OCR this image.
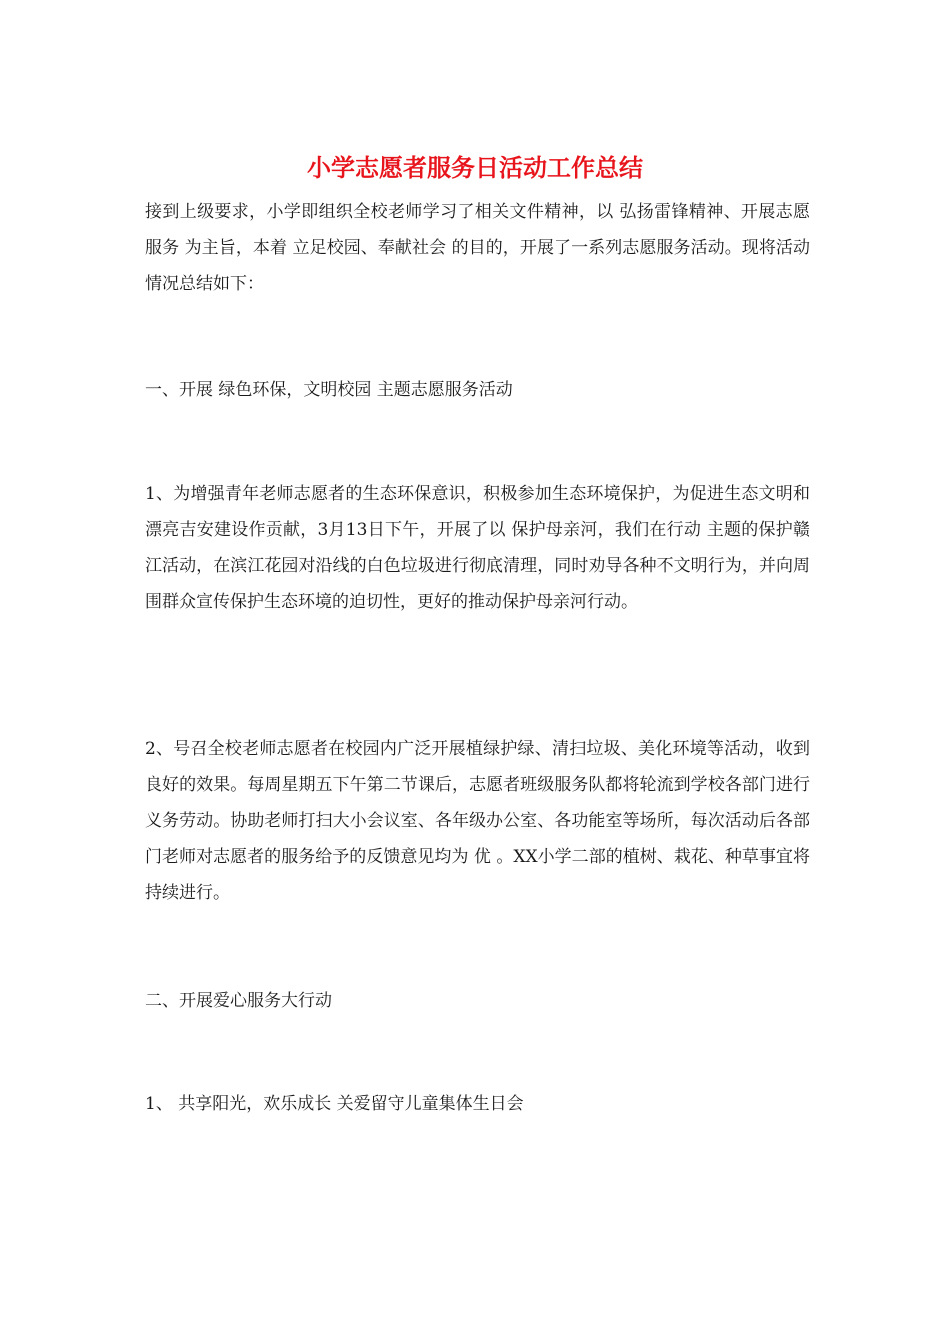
小学志愿者服务日活动工作总结

接到上级要求，小学即组织全校老师学习了相关文件精神，以 弘扬雷锋精神、开展志愿服务 为主旨，本着 立足校园、奉献社会 的目的，开展了一系列志愿服务活动。现将活动情况总结如下：

一、开展 绿色环保，文明校园 主题志愿服务活动

1、为增强青年老师志愿者的生态环保意识，积极参加生态环境保护，为促进生态文明和漂亮吉安建设作贡献，3月13日下午，开展了以 保护母亲河，我们在行动 主题的保护赣江活动，在滨江花园对沿线的白色垃圾进行彻底清理，同时劝导各种不文明行为，并向周围群众宣传保护生态环境的迫切性，更好的推动保护母亲河行动。

2、号召全校老师志愿者在校园内广泛开展植绿护绿、清扫垃圾、美化环境等活动，收到良好的效果。每周星期五下午第二节课后，志愿者班级服务队都将轮流到学校各部门进行义务劳动。协助老师打扫大小会议室、各年级办公室、各功能室等场所，每次活动后各部门老师对志愿者的服务给予的反馈意见均为 优 。XX小学二部的植树、栽花、种草事宜将持续进行。

二、开展爱心服务大行动

1、 共享阳光，欢乐成长 关爱留守儿童集体生日会
